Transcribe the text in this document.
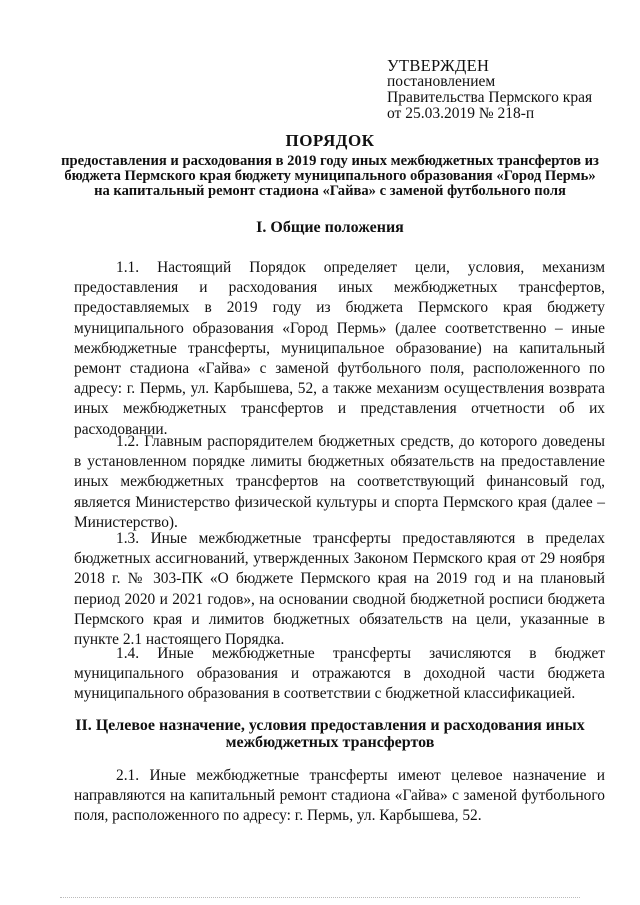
УТВЕРЖДЕН
постановлением
Правительства Пермского края
от 25.03.2019 № 218-п
ПОРЯДОК
предоставления и расходования в 2019 году иных межбюджетных трансфертов из бюджета Пермского края бюджету муниципального образования «Город Пермь» на капитальный ремонт стадиона «Гайва» с заменой футбольного поля
I. Общие положения
1.1. Настоящий Порядок определяет цели, условия, механизм предоставления и расходования иных межбюджетных трансфертов, предоставляемых в 2019 году из бюджета Пермского края бюджету муниципального образования «Город Пермь» (далее соответственно – иные межбюджетные трансферты, муниципальное образование) на капитальный ремонт стадиона «Гайва» с заменой футбольного поля, расположенного по адресу: г. Пермь, ул. Карбышева, 52, а также механизм осуществления возврата иных межбюджетных трансфертов и представления отчетности об их расходовании.
1.2. Главным распорядителем бюджетных средств, до которого доведены в установленном порядке лимиты бюджетных обязательств на предоставление иных межбюджетных трансфертов на соответствующий финансовый год, является Министерство физической культуры и спорта Пермского края (далее – Министерство).
1.3. Иные межбюджетные трансферты предоставляются в пределах бюджетных ассигнований, утвержденных Законом Пермского края от 29 ноября 2018 г. № 303-ПК «О бюджете Пермского края на 2019 год и на плановый период 2020 и 2021 годов», на основании сводной бюджетной росписи бюджета Пермского края и лимитов бюджетных обязательств на цели, указанные в пункте 2.1 настоящего Порядка.
1.4. Иные межбюджетные трансферты зачисляются в бюджет муниципального образования и отражаются в доходной части бюджета муниципального образования в соответствии с бюджетной классификацией.
II. Целевое назначение, условия предоставления и расходования иных межбюджетных трансфертов
2.1. Иные межбюджетные трансферты имеют целевое назначение и направляются на капитальный ремонт стадиона «Гайва» с заменой футбольного поля, расположенного по адресу: г. Пермь, ул. Карбышева, 52.
